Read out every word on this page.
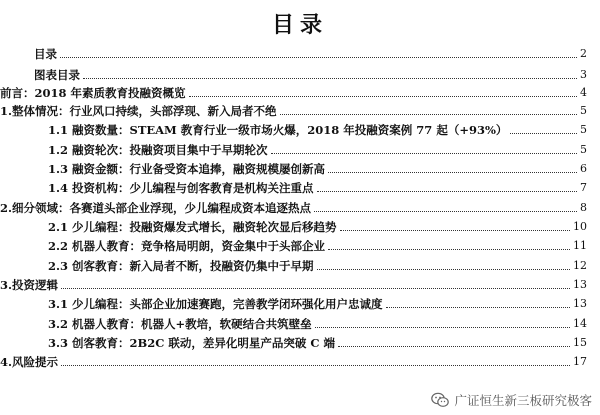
目录
目录	2
图表目录	3
前言：2018 年素质教育投融资概览	4
1.整体情况：行业风口持续，头部浮现、新入局者不绝	5
1.1 融资数量：STEAM 教育行业一级市场火爆，2018 年投融资案例 77 起（+93%）	5
1.2 融资轮次：投融资项目集中于早期轮次	5
1.3 融资金额：行业备受资本追捧，融资规模屡创新高	6
1.4 投资机构：少儿编程与创客教育是机构关注重点	7
2.细分领域：各赛道头部企业浮现，少儿编程成资本追逐热点	8
2.1 少儿编程：投融资爆发式增长，融资轮次显后移趋势	10
2.2 机器人教育：竞争格局明朗，资金集中于头部企业	11
2.3 创客教育：新入局者不断，投融资仍集中于早期	12
3.投资逻辑	13
3.1 少儿编程：头部企业加速赛跑，完善教学闭环强化用户忠诚度	13
3.2 机器人教育：机器人+教培，软硬结合共筑壁垒	14
3.3 创客教育：2B2C 联动，差异化明星产品突破 C 端	15
4.风险提示	17
广证恒生新三板研究极客
